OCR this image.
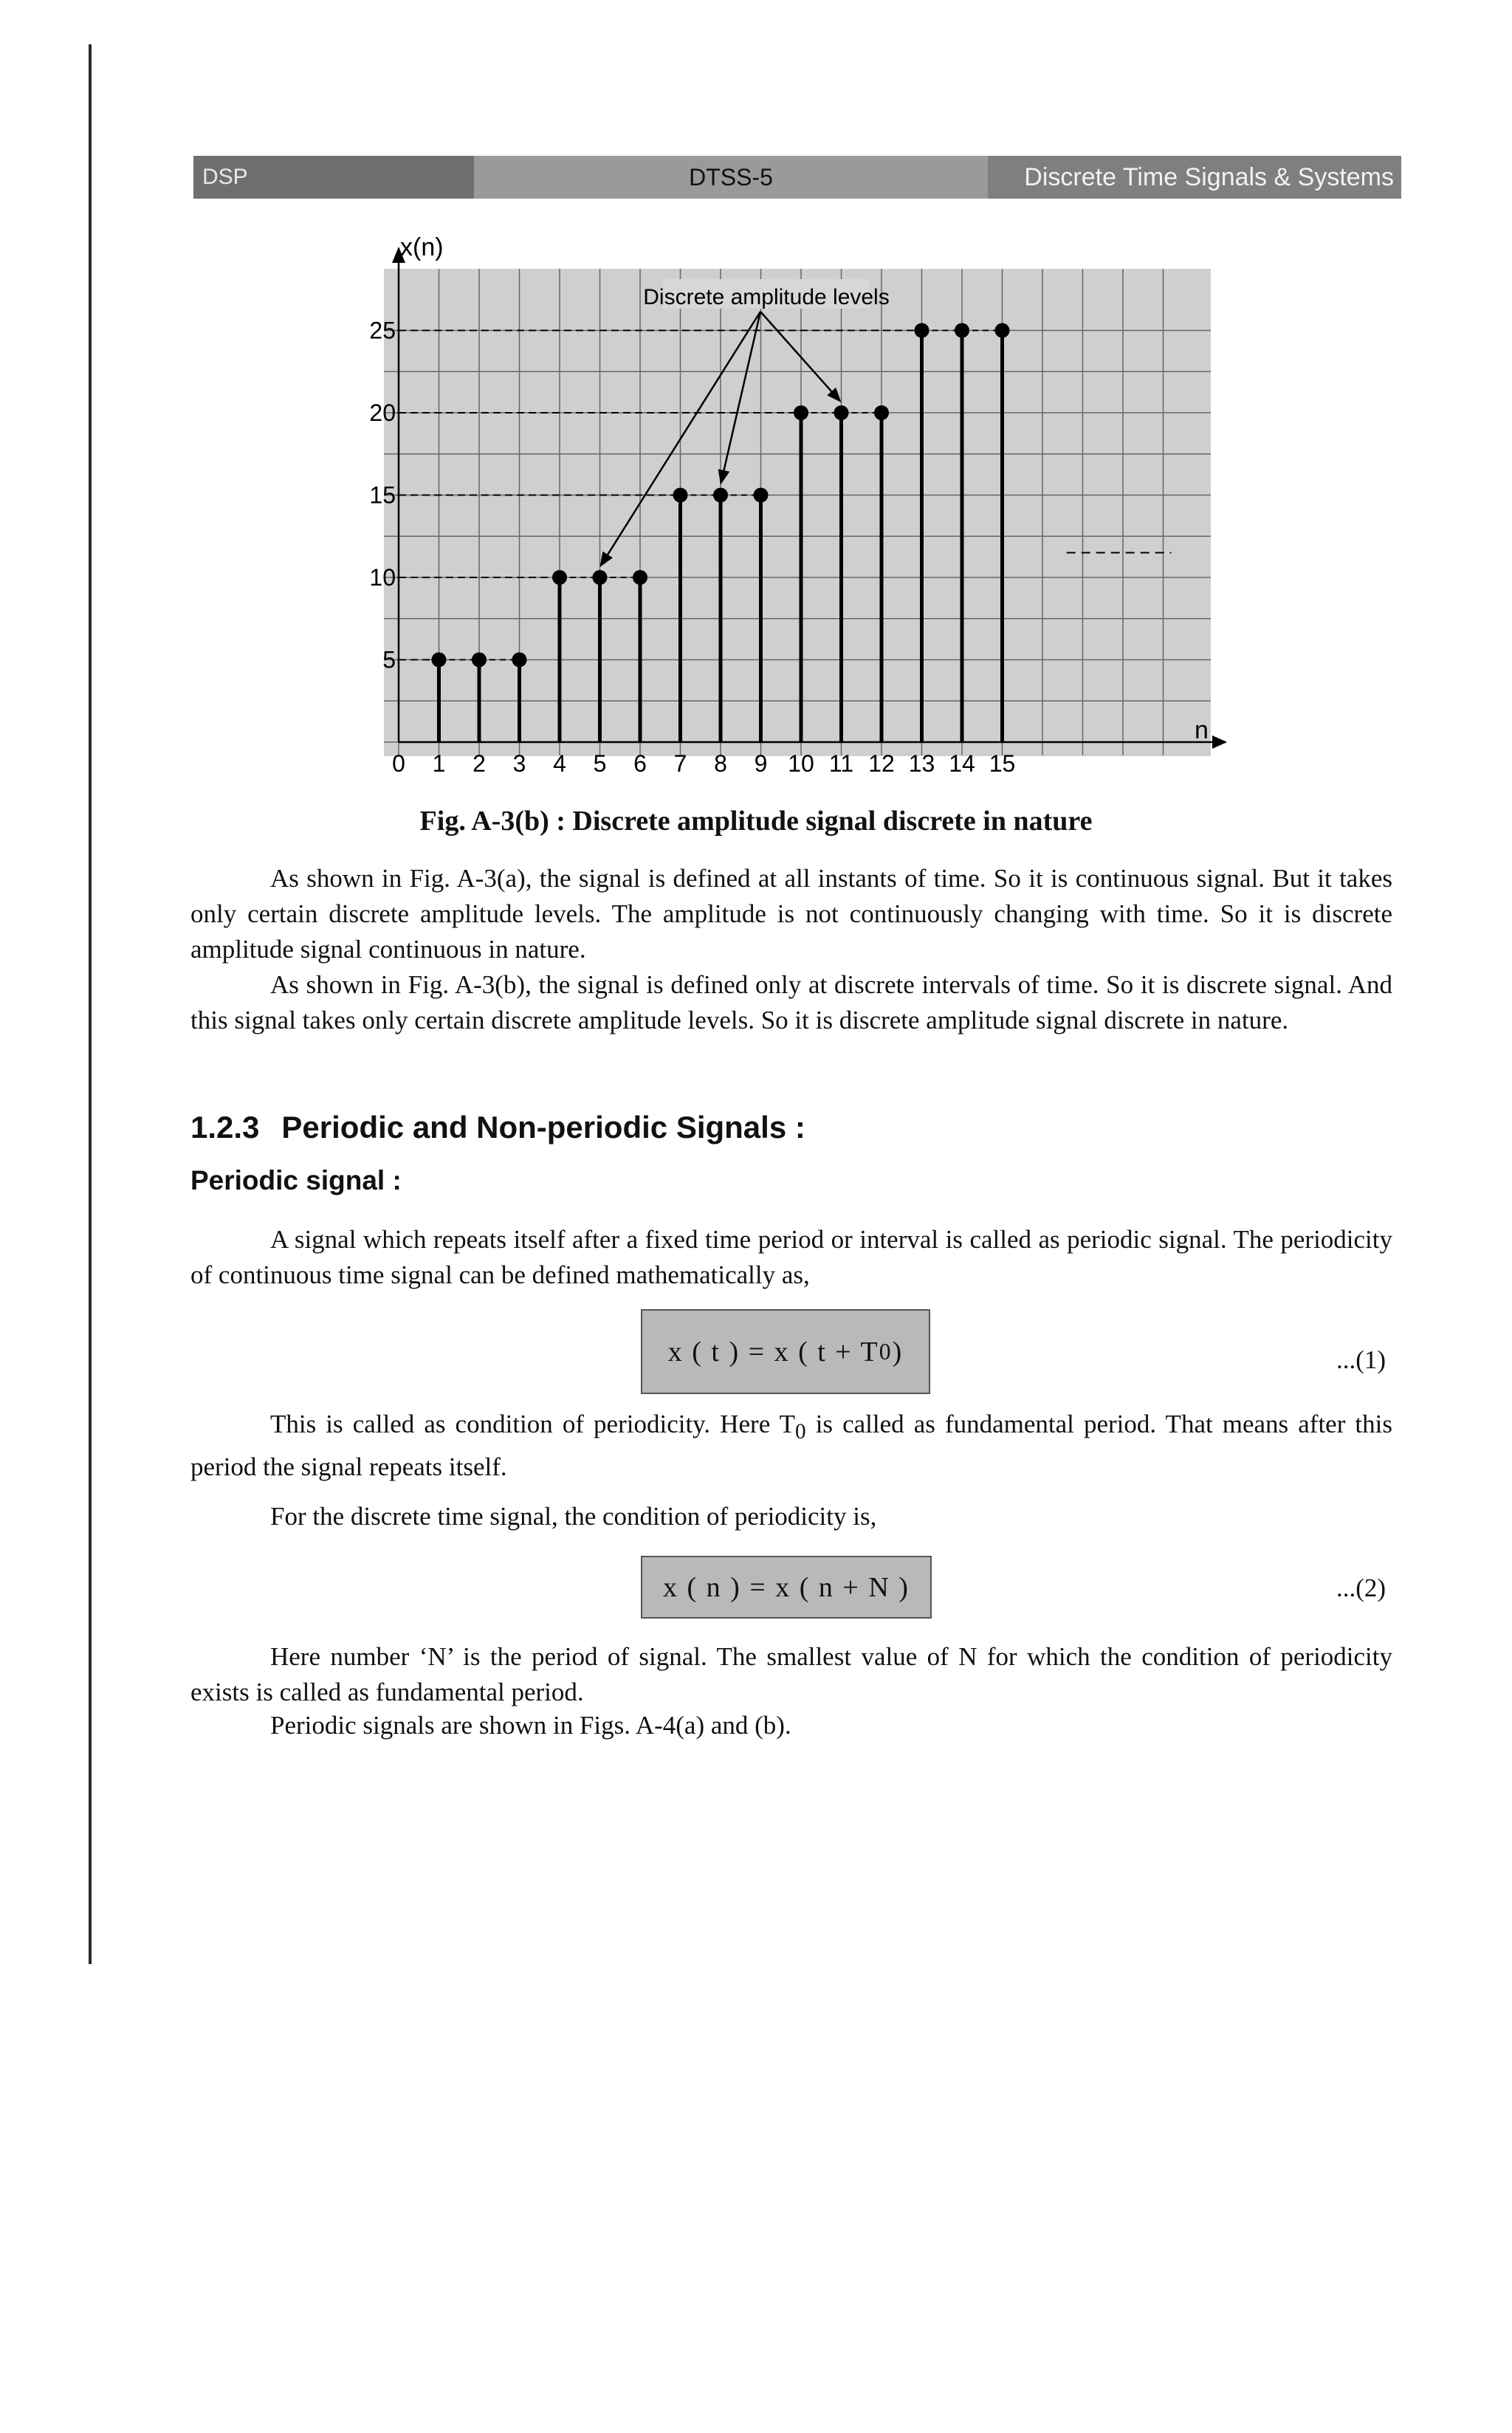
DSP	DTSS-5	Discrete Time Signals & Systems
0 1 2 3 4 5 6 7 8 9 10 11 12 13 14 15
5
10
15
20
25
Discrete amplitude levels
x(n)
n
Fig. A-3(b) : Discrete amplitude signal discrete in nature

As shown in Fig. A-3(a), the signal is defined at all instants of time. So it is continuous signal. But it takes only certain discrete amplitude levels. The amplitude is not continuously changing with time. So it is discrete amplitude signal continuous in nature.

As shown in Fig. A-3(b), the signal is defined only at discrete intervals of time. So it is discrete signal. And this signal takes only certain discrete amplitude levels. So it is discrete amplitude signal discrete in nature.

1.2.3 Periodic and Non-periodic Signals :
Periodic signal :

A signal which repeats itself after a fixed time period or interval is called as periodic signal. The periodicity of continuous time signal can be defined mathematically as,

x ( t ) = x ( t + T 0 )	...(1)

This is called as condition of periodicity. Here $T_0$ is called as fundamental period. That means after this period the signal repeats itself.

For the discrete time signal, the condition of periodicity is,

x ( n ) = x ( n + N )	...(2)

Here number ‘N’ is the period of signal. The smallest value of N for which the condition of periodicity exists is called as fundamental period.

Periodic signals are shown in Figs. A-4(a) and (b).
